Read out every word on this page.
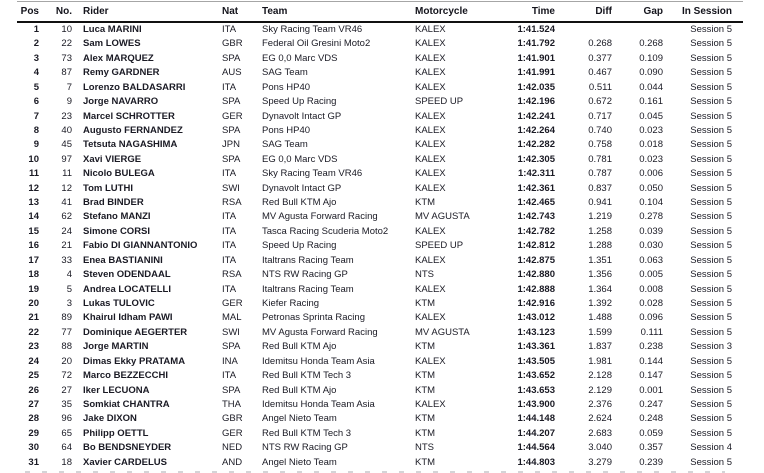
Pos	No.	Rider	Nat	Team	Motorcycle	Time	Diff	Gap	In Session
1	10	Luca MARINI	ITA	Sky Racing Team VR46	KALEX	1:41.524			Session 5
2	22	Sam LOWES	GBR	Federal Oil Gresini Moto2	KALEX	1:41.792	0.268	0.268	Session 5
3	73	Alex MARQUEZ	SPA	EG 0,0 Marc VDS	KALEX	1:41.901	0.377	0.109	Session 5
4	87	Remy GARDNER	AUS	SAG Team	KALEX	1:41.991	0.467	0.090	Session 5
5	7	Lorenzo BALDASARRI	ITA	Pons HP40	KALEX	1:42.035	0.511	0.044	Session 5
6	9	Jorge NAVARRO	SPA	Speed Up Racing	SPEED UP	1:42.196	0.672	0.161	Session 5
7	23	Marcel SCHROTTER	GER	Dynavolt Intact GP	KALEX	1:42.241	0.717	0.045	Session 5
8	40	Augusto FERNANDEZ	SPA	Pons HP40	KALEX	1:42.264	0.740	0.023	Session 5
9	45	Tetsuta NAGASHIMA	JPN	SAG Team	KALEX	1:42.282	0.758	0.018	Session 5
10	97	Xavi VIERGE	SPA	EG 0,0 Marc VDS	KALEX	1:42.305	0.781	0.023	Session 5
11	11	Nicolo BULEGA	ITA	Sky Racing Team VR46	KALEX	1:42.311	0.787	0.006	Session 5
12	12	Tom LUTHI	SWI	Dynavolt Intact GP	KALEX	1:42.361	0.837	0.050	Session 5
13	41	Brad BINDER	RSA	Red Bull KTM Ajo	KTM	1:42.465	0.941	0.104	Session 5
14	62	Stefano MANZI	ITA	MV Agusta Forward Racing	MV AGUSTA	1:42.743	1.219	0.278	Session 5
15	24	Simone CORSI	ITA	Tasca Racing Scuderia Moto2	KALEX	1:42.782	1.258	0.039	Session 5
16	21	Fabio DI GIANNANTONIO	ITA	Speed Up Racing	SPEED UP	1:42.812	1.288	0.030	Session 5
17	33	Enea BASTIANINI	ITA	Italtrans Racing Team	KALEX	1:42.875	1.351	0.063	Session 5
18	4	Steven ODENDAAL	RSA	NTS RW Racing GP	NTS	1:42.880	1.356	0.005	Session 5
19	5	Andrea LOCATELLI	ITA	Italtrans Racing Team	KALEX	1:42.888	1.364	0.008	Session 5
20	3	Lukas TULOVIC	GER	Kiefer Racing	KTM	1:42.916	1.392	0.028	Session 5
21	89	Khairul Idham PAWI	MAL	Petronas Sprinta Racing	KALEX	1:43.012	1.488	0.096	Session 5
22	77	Dominique AEGERTER	SWI	MV Agusta Forward Racing	MV AGUSTA	1:43.123	1.599	0.111	Session 5
23	88	Jorge MARTIN	SPA	Red Bull KTM Ajo	KTM	1:43.361	1.837	0.238	Session 3
24	20	Dimas Ekky PRATAMA	INA	Idemitsu Honda Team Asia	KALEX	1:43.505	1.981	0.144	Session 5
25	72	Marco BEZZECCHI	ITA	Red Bull KTM Tech 3	KTM	1:43.652	2.128	0.147	Session 5
26	27	Iker LECUONA	SPA	Red Bull KTM Ajo	KTM	1:43.653	2.129	0.001	Session 5
27	35	Somkiat CHANTRA	THA	Idemitsu Honda Team Asia	KALEX	1:43.900	2.376	0.247	Session 5
28	96	Jake DIXON	GBR	Angel Nieto Team	KTM	1:44.148	2.624	0.248	Session 5
29	65	Philipp OETTL	GER	Red Bull KTM Tech 3	KTM	1:44.207	2.683	0.059	Session 5
30	64	Bo BENDSNEYDER	NED	NTS RW Racing GP	NTS	1:44.564	3.040	0.357	Session 4
31	18	Xavier CARDELUS	AND	Angel Nieto Team	KTM	1:44.803	3.279	0.239	Session 5
